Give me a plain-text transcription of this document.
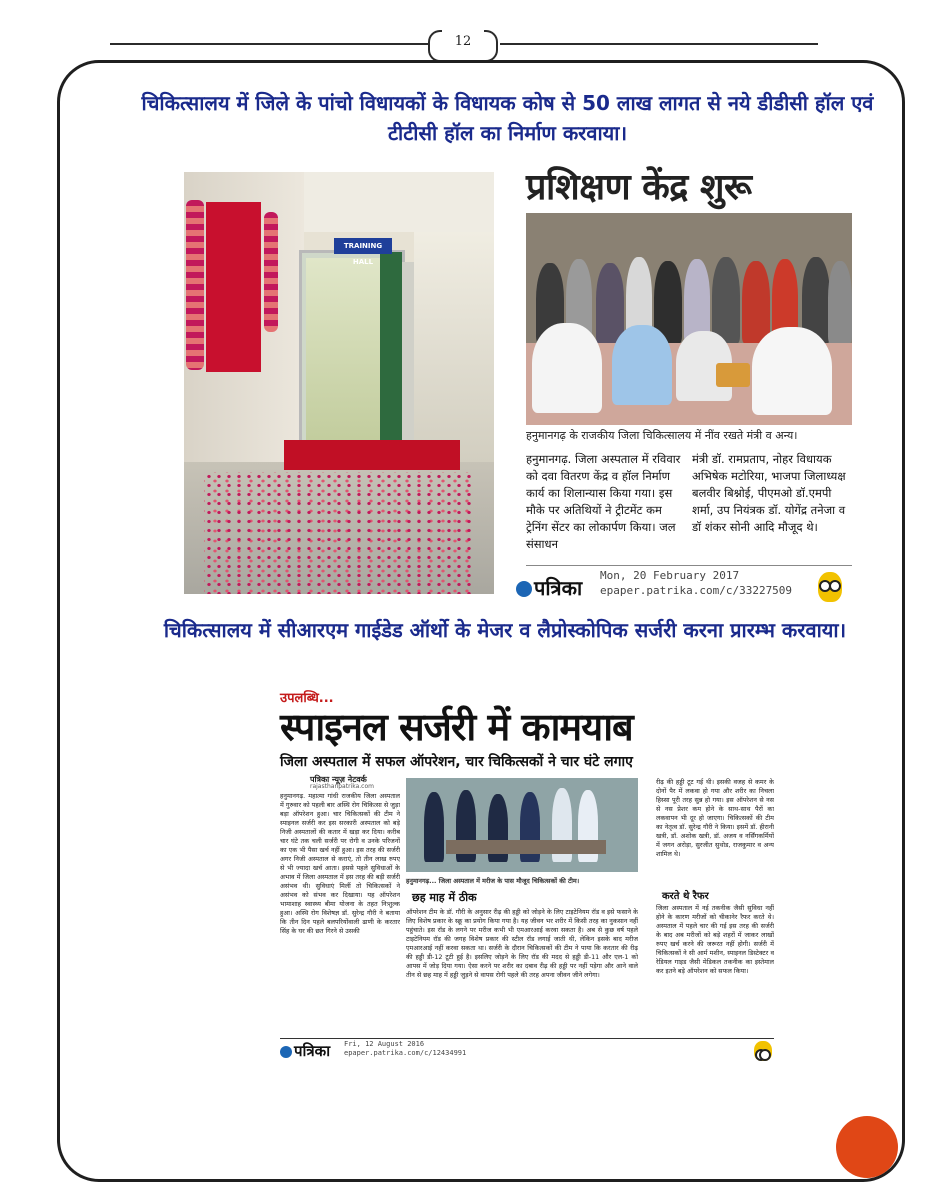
12
चिकित्सालय में जिले के पांचो विधायकों के विधायक कोष से 50 लाख लागत से नये डीडीसी हॉल एवं टीटीसी हॉल का निर्माण करवाया।
TRAINING HALL
प्रशिक्षण केंद्र शुरू
हनुमानगढ़ के राजकीय जिला चिकित्सालय में नींव रखते मंत्री व अन्य।
हनुमानगढ़. जिला अस्पताल में रविवार को दवा वितरण केंद्र व हॉल निर्माण कार्य का शिलान्यास किया गया। इस मौके पर अतिथियों ने ट्रीटमेंट कम ट्रेनिंग सेंटर का लोकार्पण किया। जल संसाधन
मंत्री डॉ. रामप्रताप, नोहर विधायक अभिषेक मटोरिया, भाजपा जिलाध्यक्ष बलवीर बिश्नोई, पीएमओ डॉ.एमपी शर्मा, उप नियंत्रक डॉ. योगेंद्र तनेजा व डॉ शंकर सोनी आदि मौजूद थे।
पत्रिका
Mon, 20 February 2017
epaper.patrika.com/c/33227509
चिकित्सालय में सीआरएम गाईडेड ऑर्थो के मेजर व लैप्रोस्कोपिक सर्जरी करना प्रारम्भ करवाया।
उपलब्धि...
स्पाइनल सर्जरी में कामयाब
जिला अस्पताल में सफल ऑपरेशन, चार चिकित्सकों ने चार घंटे लगाए
पत्रिका न्यूज़ नेटवर्क
rajasthanpatrika.com
हनुमानगढ़. महात्मा गांधी राजकीय जिला अस्पताल में गुरुवार को पहली बार अस्थि रोग चिकित्सा से जुड़ा बड़ा ऑपरेशन हुआ। चार चिकित्सकों की टीम ने स्पाइनल सर्जरी कर इस सरकारी अस्पताल को बड़े निजी अस्पतालों की कतार में खड़ा कर दिया। करीब चार घंटे तक चली सर्जरी पर रोगी व उनके परिजनों का एक भी पैसा खर्च नहीं हुआ। इस तरह की सर्जरी अगर निजी अस्पताल से कराएं, तो तीन लाख रुपए से भी ज्यादा खर्च आता। इससे पहले सुविधाओं के अभाव में जिला अस्पताल में इस तरह की बड़ी सर्जरी असंभव थी। सुविधाएं मिलीं तो चिकित्सकों ने असंभव को संभव कर दिखाया। यह ऑपरेशन भामाशाह स्वास्थ्य बीमा योजना के तहत निःशुल्क हुआ। अस्थि रोग विशेषज्ञ डॉ. सुरेन्द्र गौरी ने बताया कि तीन दिन पहले बलपरियोंवाली ढाणी के करतार सिंह के घर की छत गिरने से उसकी
हनुमानगढ़... जिला अस्पताल में मरीज के पास मौजूद चिकित्सकों की टीम।
छह माह में ठीक
ऑपरेशन टीम के डॉ. गौरी के अनुसार रीढ़ की हड्डी को जोड़ने के लिए टाइटेनियम रॉड व इसे फसाने के लिए विशेष प्रकार के स्क्रू का प्रयोग किया गया है। यह जीवन भर शरीर में किसी तरह का नुकसान नहीं पहुंचाते। इस रॉड के लगने पर मरीज कभी भी एमआरआई करवा सकता है। अब से कुछ वर्ष पहले टाइटेनियम रॉड की जगह विशेष प्रकार की स्टील रॉड लगाई जाती थी, लेकिन इसके बाद मरीज एमआरआई नहीं करवा सकता था। सर्जरी के दौरान चिकित्सकों की टीम ने पाया कि करतार की रीढ़ की हड्डी डी-12 टूटी हुई है। इसलिए जोड़ने के लिए रॉड की मदद से हड्डी डी-11 और एल-1 को आपस में जोड़ दिया गया। ऐसा करने पर शरीर का दबाव रीढ़ की हड्डी पर नहीं पड़ेगा और आने वाले तीन से छह माह में हड्डी जुड़ने से वापस रोगी पहले की तरह अपना जीवन जीने लगेगा।
रीढ़ की हड्डी टूट गई थी। इसकी वजह से कमर के दोनों पैर में लकवा हो गया और शरीर का निचला हिस्सा पूरी तरह सुन्न हो गया। इस ऑपरेशन से नस से नस प्रेशर कम होने के साथ-साथ पैरों का लकवापन भी दूर हो जाएगा। चिकित्सकों की टीम का नेतृत्व डॉ. सुरेन्द्र गौरी ने किया। इसमें डॉ. हीरानी खत्री, डॉ. अशोक खत्री, डॉ. अजय व नर्सिंगकर्मियों में जगन अरोड़ा, सुरजीत सुथोड, राजकुमार व अन्य शामिल थे।
करते थे रैफर
जिला अस्पताल में नई तकनीक जैसी सुविधा नहीं होने के कारण मरीजों को चीकानेर रैफर करते थे। अस्पताल में पहले चार की गई इस तरह की सर्जरी के बाद अब मरीजों को बड़े शहरों में जाकर लाखों रुपए खर्च करने की जरूरत नहीं होगी। सर्जरी में चिकित्सकों ने सी आर्म मशीन, स्पाइनल डिस्टेक्टर व रेडियल गाइड जैसी मेडिकल तकनीक का इस्तेमाल कर इतने बड़े ऑपरेशन को सफल किया।
पत्रिका Fri, 12 August 2016
epaper.patrika.com/c/12434991
